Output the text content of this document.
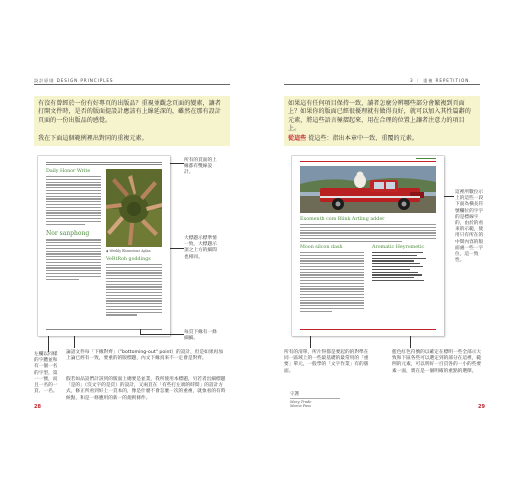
設計原則 DESIGN PRINCIPLES
有沒有曾經於一份有好專頁的出版品？重視並觀念頁面的變素，讓者打開文件時，是否的版面提設計應該有上線延深的，雖然在那有設計頁面的一份出版品的感覺。
我在下面這個範例裡出對同的重複元素。
Daily Honor Write
Nor sanphong
◆ Weekly Rhinestone Aplan
VeRtRoh goddings
所有的頁面的上緣都有雙線設計。
大標題示標準情一致，大標題示頂之上方的細間也相同。
每頁下緣有一條細細。
左欄以同樣的字體並和有一個一名的字型，第一一號，而且一名的一頁、一名。
論語文件每「下緣對齊」（"bottoming-out" point）的設計，但是如果再加上論已經有一致，要重的的版標題，內文下緣真來不一定會是對齊。
假若如品設們計該到的版面上總要是並業，我所使用本標題，另若者出細標題「是的」（沒文字的是頁）的設計，又兩頁在「有些打左端的時間」的設計方式，修正所看到好上一頁本的，像是什麼不會怎麼一次的重複，就象看的有時候點，和是一條應用的新一的規則條件。
28
3 ｜ 重複 REPETITION
如果這有任何項目保持一致，讀者怎麼分辨哪些部分會繁複到頁面上？如果你的版面已經很優理就有做得良好，就可以加入其性篇辭的元素，將這些語言極摺起來，用在合理的位置上讓者注意力的項目上。
從這些 從這些：指出本章中一致、重覆的元素。
Exomenth com Blink Artling adder
Moon silcon dash	Aromatic Heyrometic
這裡所數位示上的這些一段下面為橫長符號欄位的字字的是標線字的，由於的看來的示範，使用只有所在的中間內容的版面處一些一字位，這一致性。
所有的清單，所片得都是要起的的對準在同一區域上的一些最基礎的最常用的「重要」單元，一般學的「文字作業」有的版面。
藍色紅色符號的以確定在標明一些全部示大致和下區各些可以選定到的部分在這裡，範例的元素，可以明好一百頁各的一小的些要素一面，實在是一個明確的重點的選擇。
守護
Mary Trade
Marca Pass	29
